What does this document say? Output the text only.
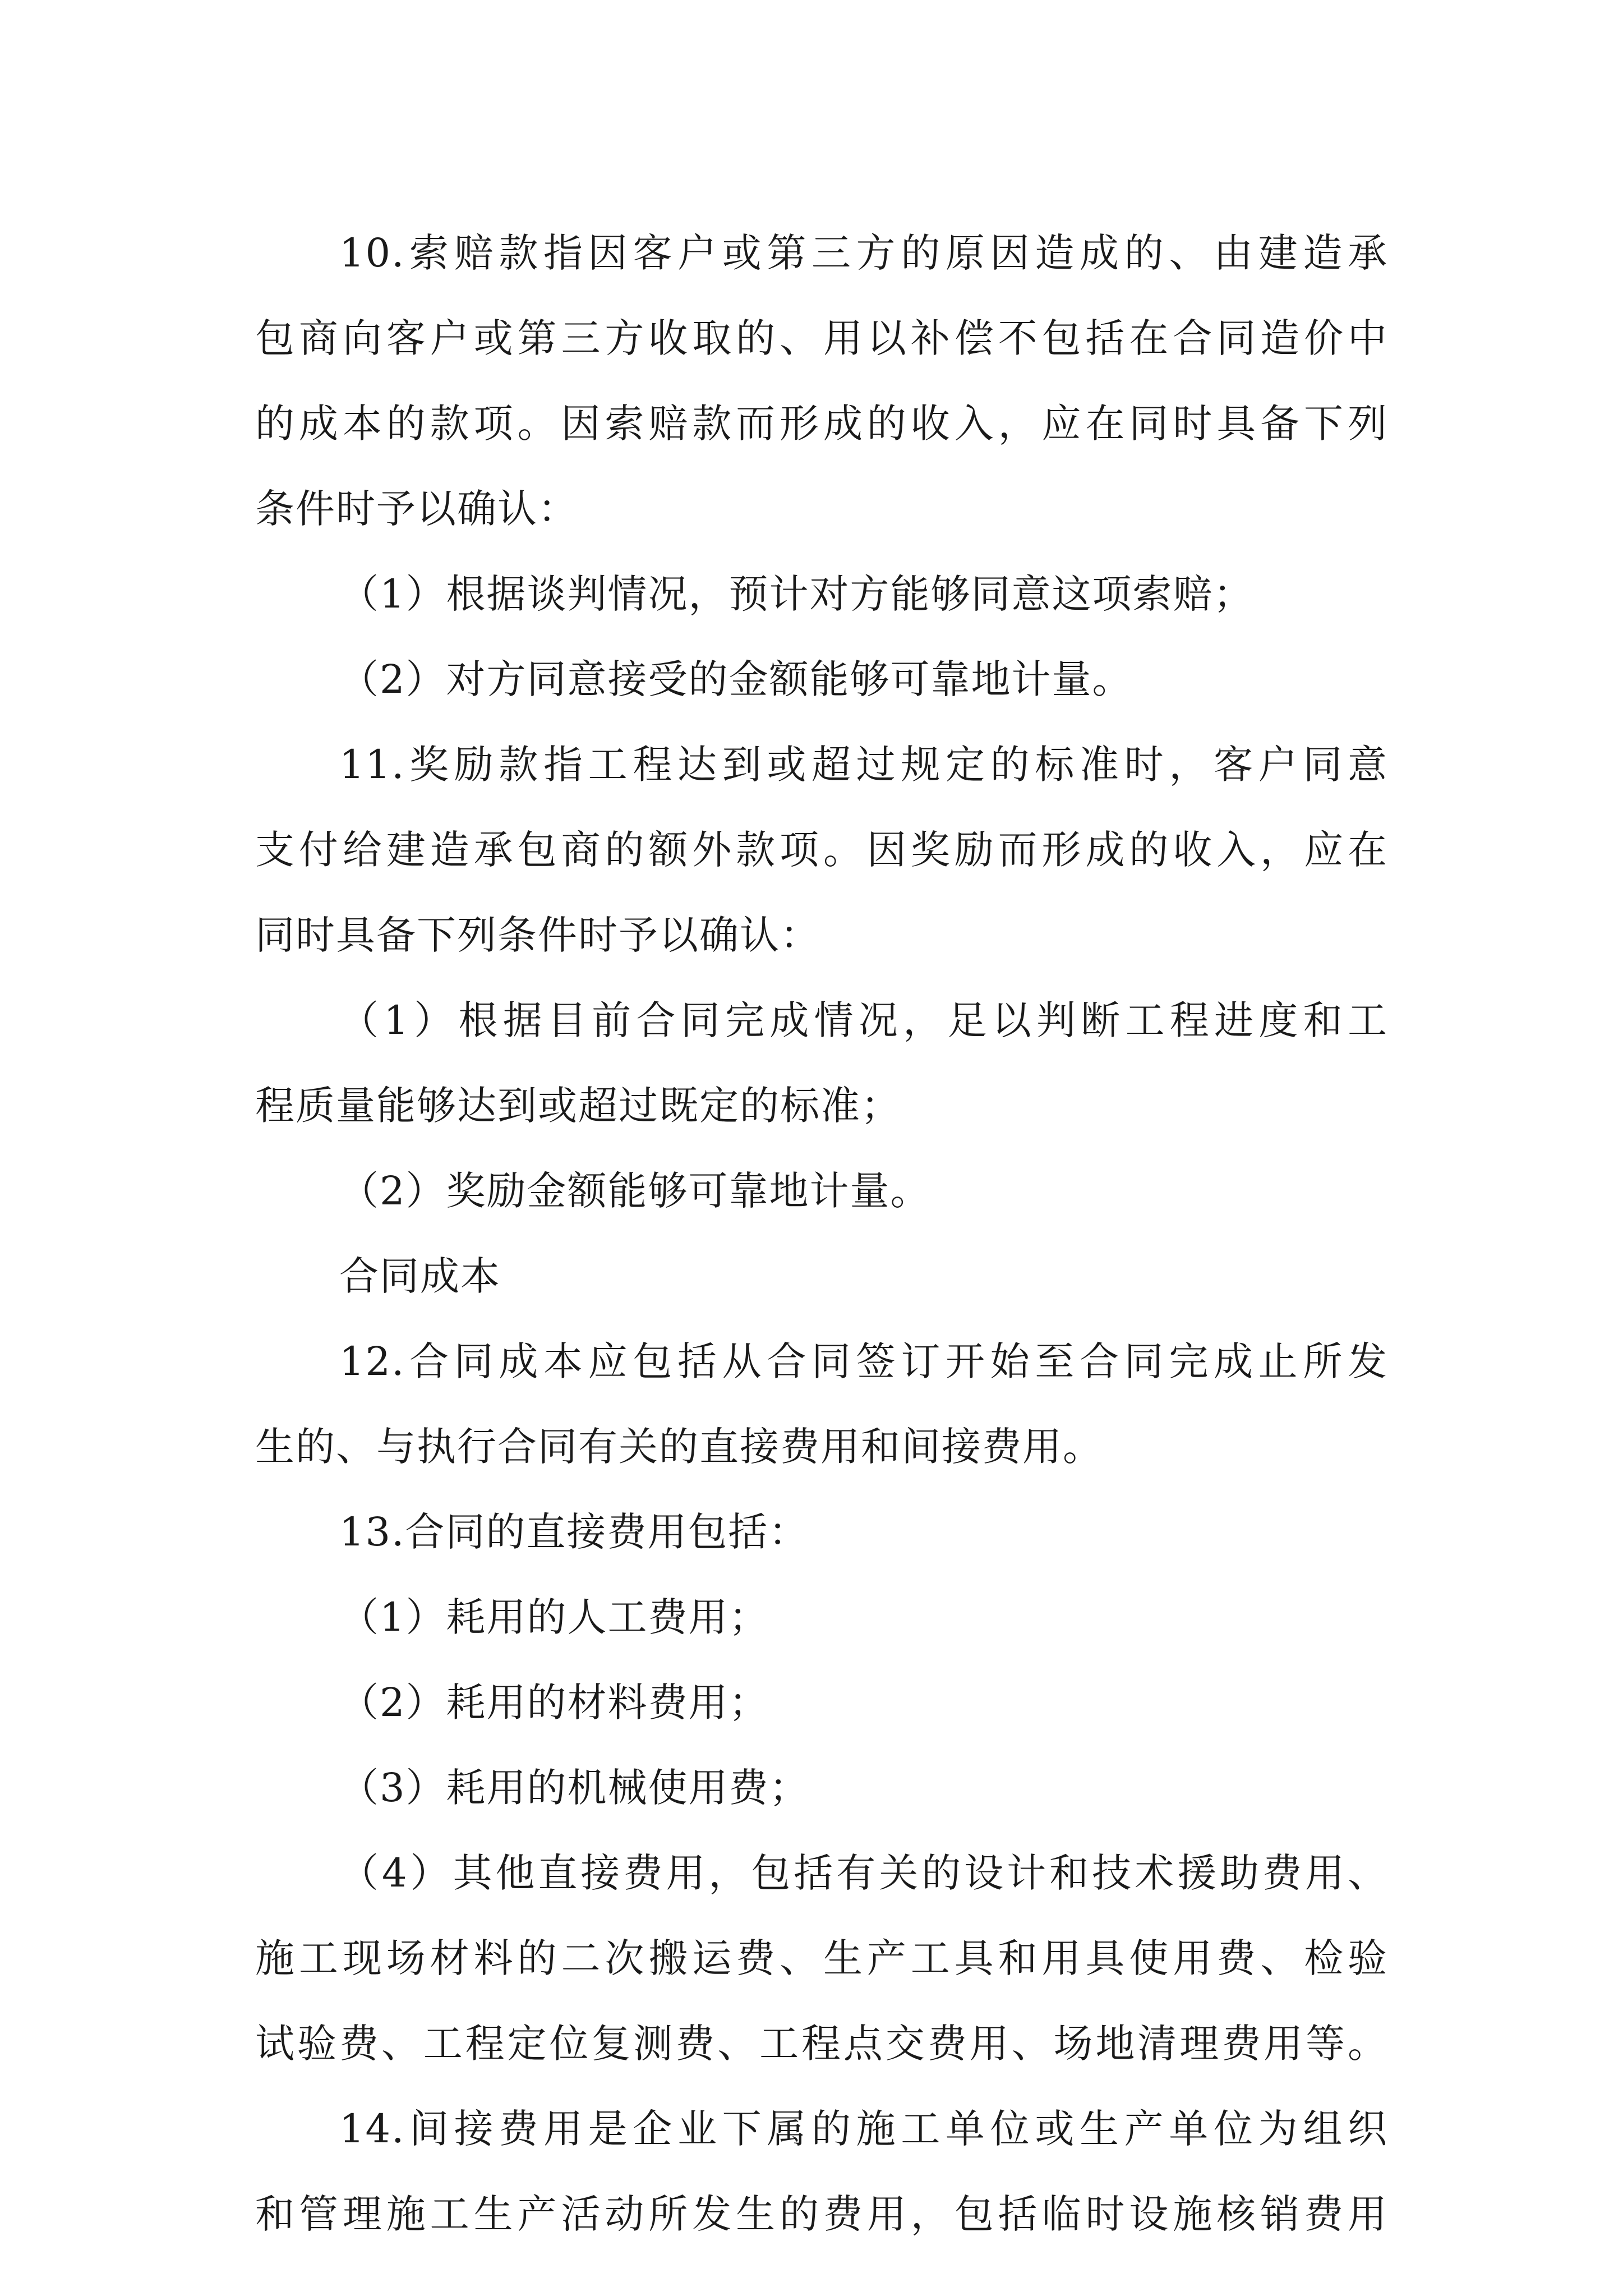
10.索赔款指因客户或第三方的原因造成的、由建造承
包商向客户或第三方收取的、用以补偿不包括在合同造价中
的成本的款项。因索赔款而形成的收入，应在同时具备下列
条件时予以确认：
（1）根据谈判情况，预计对方能够同意这项索赔；
（2）对方同意接受的金额能够可靠地计量。
11.奖励款指工程达到或超过规定的标准时，客户同意
支付给建造承包商的额外款项。因奖励而形成的收入，应在
同时具备下列条件时予以确认：
（1）根据目前合同完成情况，足以判断工程进度和工
程质量能够达到或超过既定的标准；
（2）奖励金额能够可靠地计量。
合同成本
12.合同成本应包括从合同签订开始至合同完成止所发
生的、与执行合同有关的直接费用和间接费用。
13.合同的直接费用包括：
（1）耗用的人工费用；
（2）耗用的材料费用；
（3）耗用的机械使用费；
（4）其他直接费用，包括有关的设计和技术援助费用、
施工现场材料的二次搬运费、生产工具和用具使用费、检验
试验费、工程定位复测费、工程点交费用、场地清理费用等。
14.间接费用是企业下属的施工单位或生产单位为组织
和管理施工生产活动所发生的费用，包括临时设施核销费用
